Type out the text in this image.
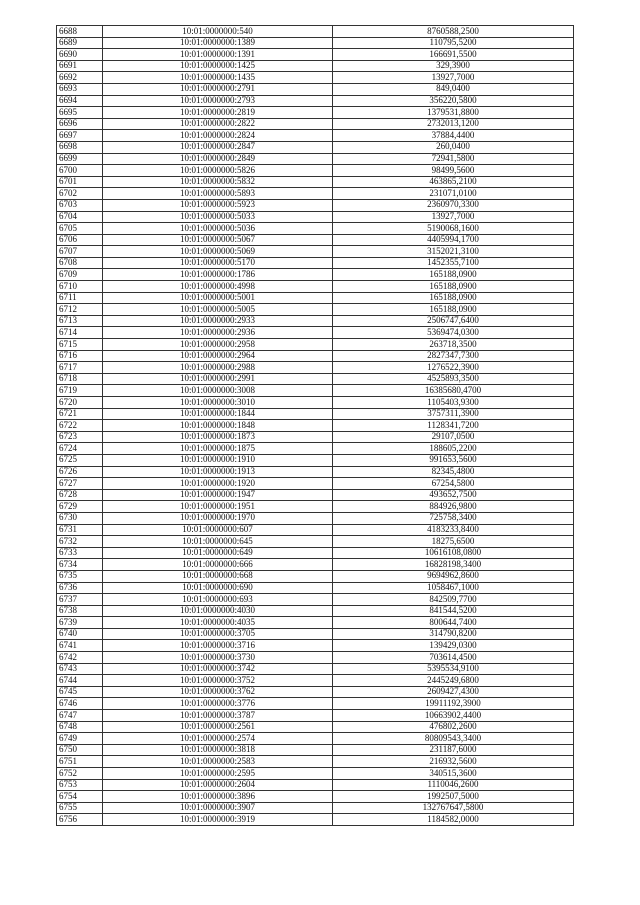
6688	10:01:0000000:540	8760588,2500
6689	10:01:0000000:1389	110795,5200
6690	10:01:0000000:1391	166691,5500
6691	10:01:0000000:1425	329,3900
6692	10:01:0000000:1435	13927,7000
6693	10:01:0000000:2791	849,0400
6694	10:01:0000000:2793	356220,5800
6695	10:01:0000000:2819	1379531,8800
6696	10:01:0000000:2822	2732013,1200
6697	10:01:0000000:2824	37884,4400
6698	10:01:0000000:2847	260,0400
6699	10:01:0000000:2849	72941,5800
6700	10:01:0000000:5826	98499,5600
6701	10:01:0000000:5832	463865,2100
6702	10:01:0000000:5893	231071,0100
6703	10:01:0000000:5923	2360970,3300
6704	10:01:0000000:5033	13927,7000
6705	10:01:0000000:5036	5190068,1600
6706	10:01:0000000:5067	4405994,1700
6707	10:01:0000000:5069	3152021,3100
6708	10:01:0000000:5170	1452355,7100
6709	10:01:0000000:1786	165188,0900
6710	10:01:0000000:4998	165188,0900
6711	10:01:0000000:5001	165188,0900
6712	10:01:0000000:5005	165188,0900
6713	10:01:0000000:2933	2506747,6400
6714	10:01:0000000:2936	5369474,0300
6715	10:01:0000000:2958	263718,3500
6716	10:01:0000000:2964	2827347,7300
6717	10:01:0000000:2988	1276522,3900
6718	10:01:0000000:2991	4525893,3500
6719	10:01:0000000:3008	16385680,4700
6720	10:01:0000000:3010	1105403,9300
6721	10:01:0000000:1844	3757311,3900
6722	10:01:0000000:1848	1128341,7200
6723	10:01:0000000:1873	29107,0500
6724	10:01:0000000:1875	188605,2200
6725	10:01:0000000:1910	991653,5600
6726	10:01:0000000:1913	82345,4800
6727	10:01:0000000:1920	67254,5800
6728	10:01:0000000:1947	493652,7500
6729	10:01:0000000:1951	884926,9800
6730	10:01:0000000:1970	725758,3400
6731	10:01:0000000:607	4183233,8400
6732	10:01:0000000:645	18275,6500
6733	10:01:0000000:649	10616108,0800
6734	10:01:0000000:666	16828198,3400
6735	10:01:0000000:668	9694962,8600
6736	10:01:0000000:690	1058467,1000
6737	10:01:0000000:693	842509,7700
6738	10:01:0000000:4030	841544,5200
6739	10:01:0000000:4035	800644,7400
6740	10:01:0000000:3705	314790,8200
6741	10:01:0000000:3716	139429,0300
6742	10:01:0000000:3730	703614,4500
6743	10:01:0000000:3742	5395534,9100
6744	10:01:0000000:3752	2445249,6800
6745	10:01:0000000:3762	2609427,4300
6746	10:01:0000000:3776	19911192,3900
6747	10:01:0000000:3787	10663902,4400
6748	10:01:0000000:2561	476802,2600
6749	10:01:0000000:2574	80809543,3400
6750	10:01:0000000:3818	231187,6000
6751	10:01:0000000:2583	216932,5600
6752	10:01:0000000:2595	340515,3600
6753	10:01:0000000:2604	1110046,2600
6754	10:01:0000000:3896	1992507,5000
6755	10:01:0000000:3907	132767647,5800
6756	10:01:0000000:3919	1184582,0000
